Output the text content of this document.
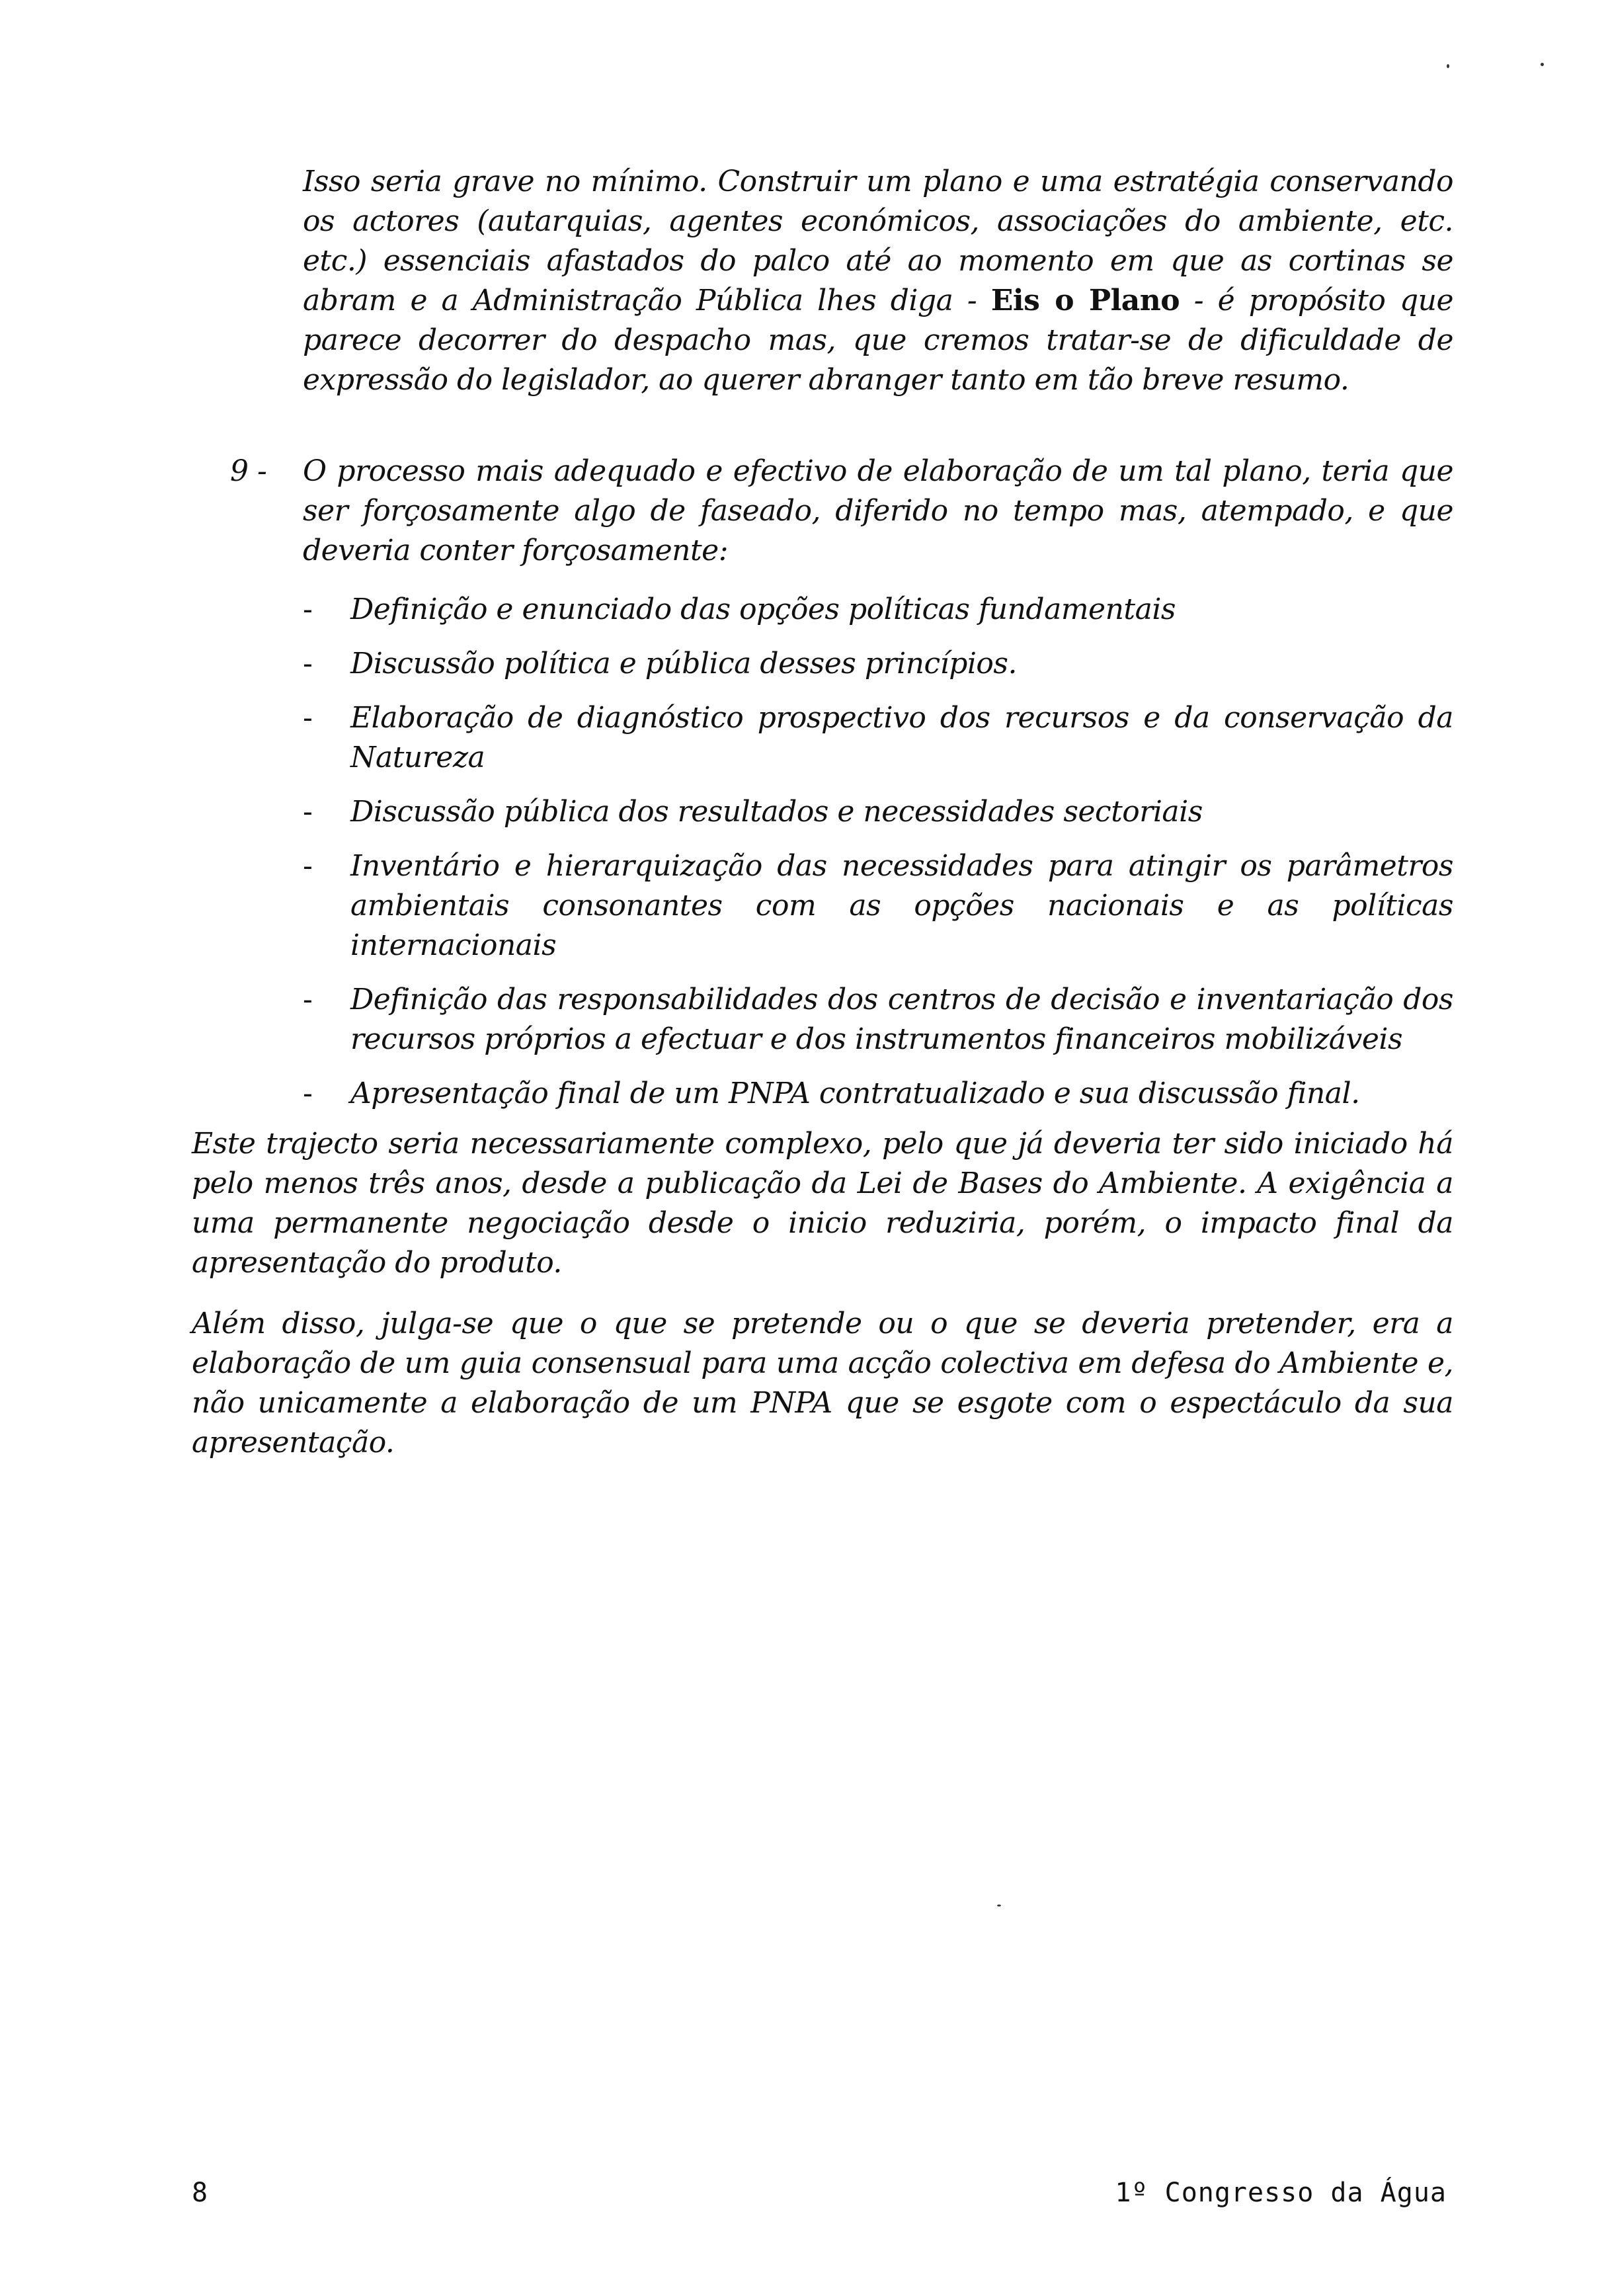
Isso seria grave no mínimo. Construir um plano e uma estratégia conservando os actores (autarquias, agentes económicos, associações do ambiente, etc. etc.) essenciais afastados do palco até ao momento em que as cortinas se abram e a Administração Pública lhes diga - Eis o Plano - é propósito que parece decorrer do despacho mas, que cremos tratar-se de dificuldade de expressão do legislador, ao querer abranger tanto em tão breve resumo.

9 -	O processo mais adequado e efectivo de elaboração de um tal plano, teria que ser forçosamente algo de faseado, diferido no tempo mas, atempado, e que deveria conter forçosamente:
- Definição e enunciado das opções políticas fundamentais
- Discussão política e pública desses princípios.
- Elaboração de diagnóstico prospectivo dos recursos e da conservação da Natureza
- Discussão pública dos resultados e necessidades sectoriais
- Inventário e hierarquização das necessidades para atingir os parâmetros ambientais consonantes com as opções nacionais e as políticas internacionais
- Definição das responsabilidades dos centros de decisão e inventariação dos recursos próprios a efectuar e dos instrumentos financeiros mobilizáveis
- Apresentação final de um PNPA contratualizado e sua discussão final.

Este trajecto seria necessariamente complexo, pelo que já deveria ter sido iniciado há pelo menos três anos, desde a publicação da Lei de Bases do Ambiente. A exigência a uma permanente negociação desde o inicio reduziria, porém, o impacto final da apresentação do produto.

Além disso, julga-se que o que se pretende ou o que se deveria pretender, era a elaboração de um guia consensual para uma acção colectiva em defesa do Ambiente e, não unicamente a elaboração de um PNPA que se esgote com o espectáculo da sua apresentação.

8	1º Congresso da Água
